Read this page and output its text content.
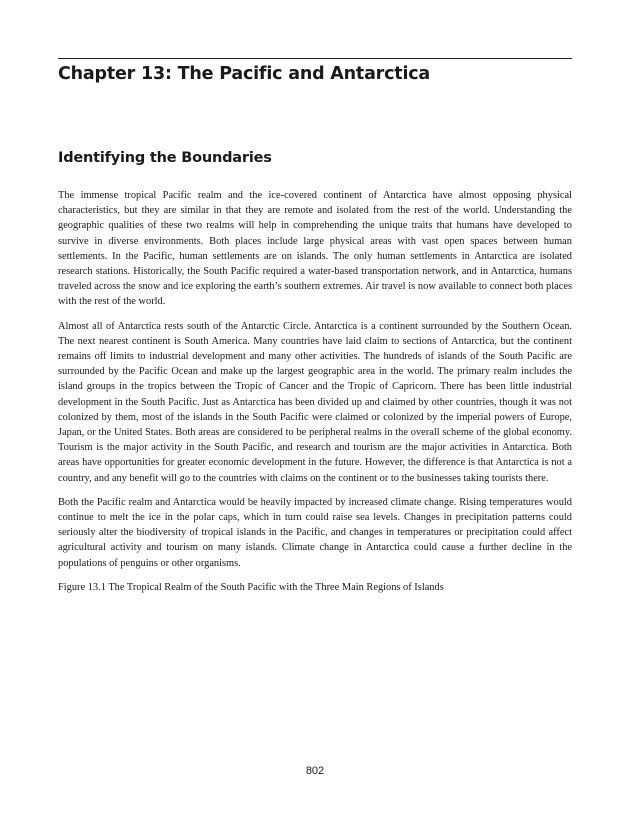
Chapter 13: The Pacific and Antarctica
Identifying the Boundaries

The immense tropical Pacific realm and the ice-covered continent of Antarctica have almost opposing physical characteristics, but they are similar in that they are remote and isolated from the rest of the world. Understanding the geographic qualities of these two realms will help in comprehending the unique traits that humans have developed to survive in diverse environments. Both places include large physical areas with vast open spaces between human settlements. In the Pacific, human settlements are on islands. The only human settlements in Antarctica are isolated research stations. Historically, the South Pacific required a water-based transportation network, and in Antarctica, humans traveled across the snow and ice exploring the earth’s southern extremes. Air travel is now available to connect both places with the rest of the world.

Almost all of Antarctica rests south of the Antarctic Circle. Antarctica is a continent surrounded by the Southern Ocean. The next nearest continent is South America. Many countries have laid claim to sections of Antarctica, but the continent remains off limits to industrial development and many other activities. The hundreds of islands of the South Pacific are surrounded by the Pacific Ocean and make up the largest geographic area in the world. The primary realm includes the island groups in the tropics between the Tropic of Cancer and the Tropic of Capricorn. There has been little industrial development in the South Pacific. Just as Antarctica has been divided up and claimed by other countries, though it was not colonized by them, most of the islands in the South Pacific were claimed or colonized by the imperial powers of Europe, Japan, or the United States. Both areas are considered to be peripheral realms in the overall scheme of the global economy. Tourism is the major activity in the South Pacific, and research and tourism are the major activities in Antarctica. Both areas have opportunities for greater economic development in the future. However, the difference is that Antarctica is not a country, and any benefit will go to the countries with claims on the continent or to the businesses taking tourists there.

Both the Pacific realm and Antarctica would be heavily impacted by increased climate change. Rising temperatures would continue to melt the ice in the polar caps, which in turn could raise sea levels. Changes in precipitation patterns could seriously alter the biodiversity of tropical islands in the Pacific, and changes in temperatures or precipitation could affect agricultural activity and tourism on many islands. Climate change in Antarctica could cause a further decline in the populations of penguins or other organisms.

Figure 13.1 The Tropical Realm of the South Pacific with the Three Main Regions of Islands

802
